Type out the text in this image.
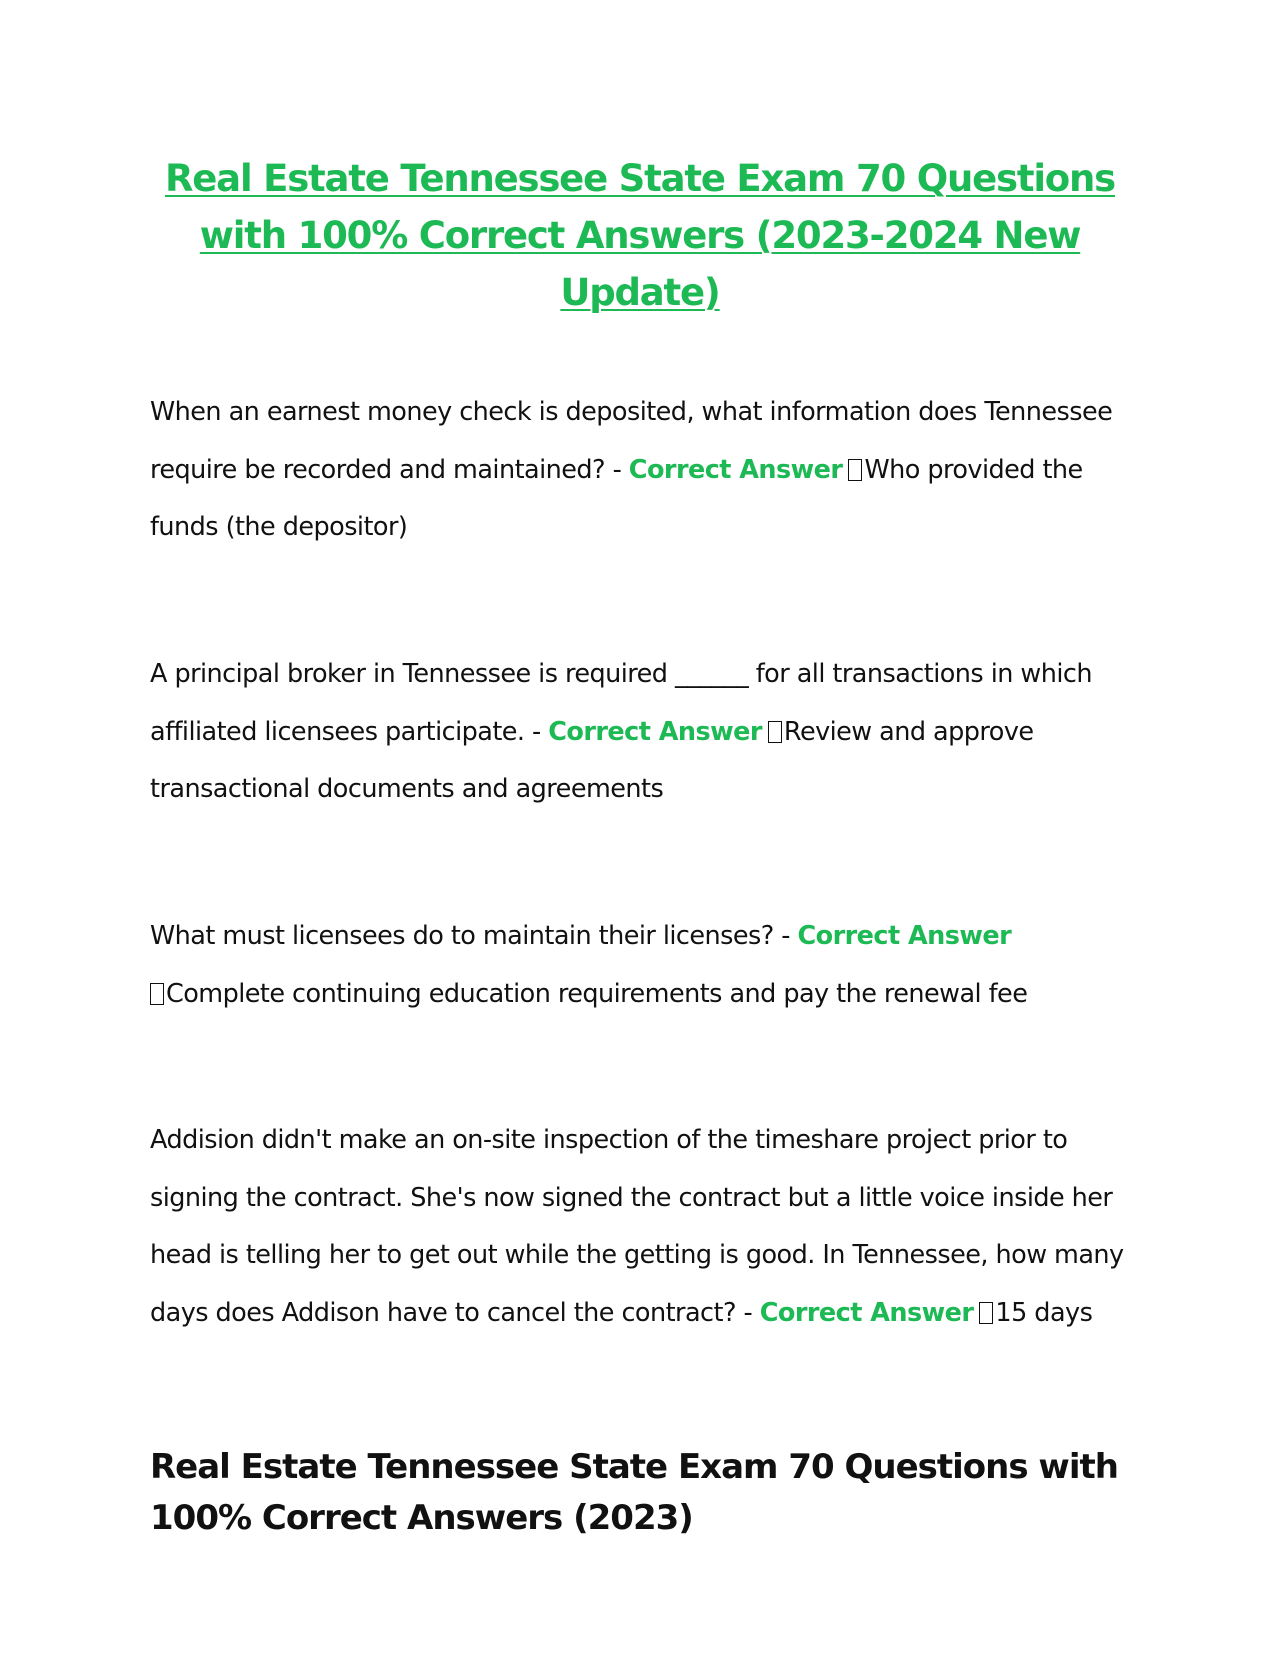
Real Estate Tennessee State Exam 70 Questions with 100% Correct Answers (2023-2024 New Update)

When an earnest money check is deposited, what information does Tennessee require be recorded and maintained? - Correct Answer Who provided the funds (the depositor)

A principal broker in Tennessee is required ______ for all transactions in which affiliated licensees participate. - Correct Answer Review and approve transactional documents and agreements

What must licensees do to maintain their licenses? - Correct Answer
Complete continuing education requirements and pay the renewal fee

Addision didn't make an on-site inspection of the timeshare project prior to signing the contract. She's now signed the contract but a little voice inside her head is telling her to get out while the getting is good. In Tennessee, how many days does Addison have to cancel the contract? - Correct Answer 15 days

Real Estate Tennessee State Exam 70 Questions with 100% Correct Answers (2023)
